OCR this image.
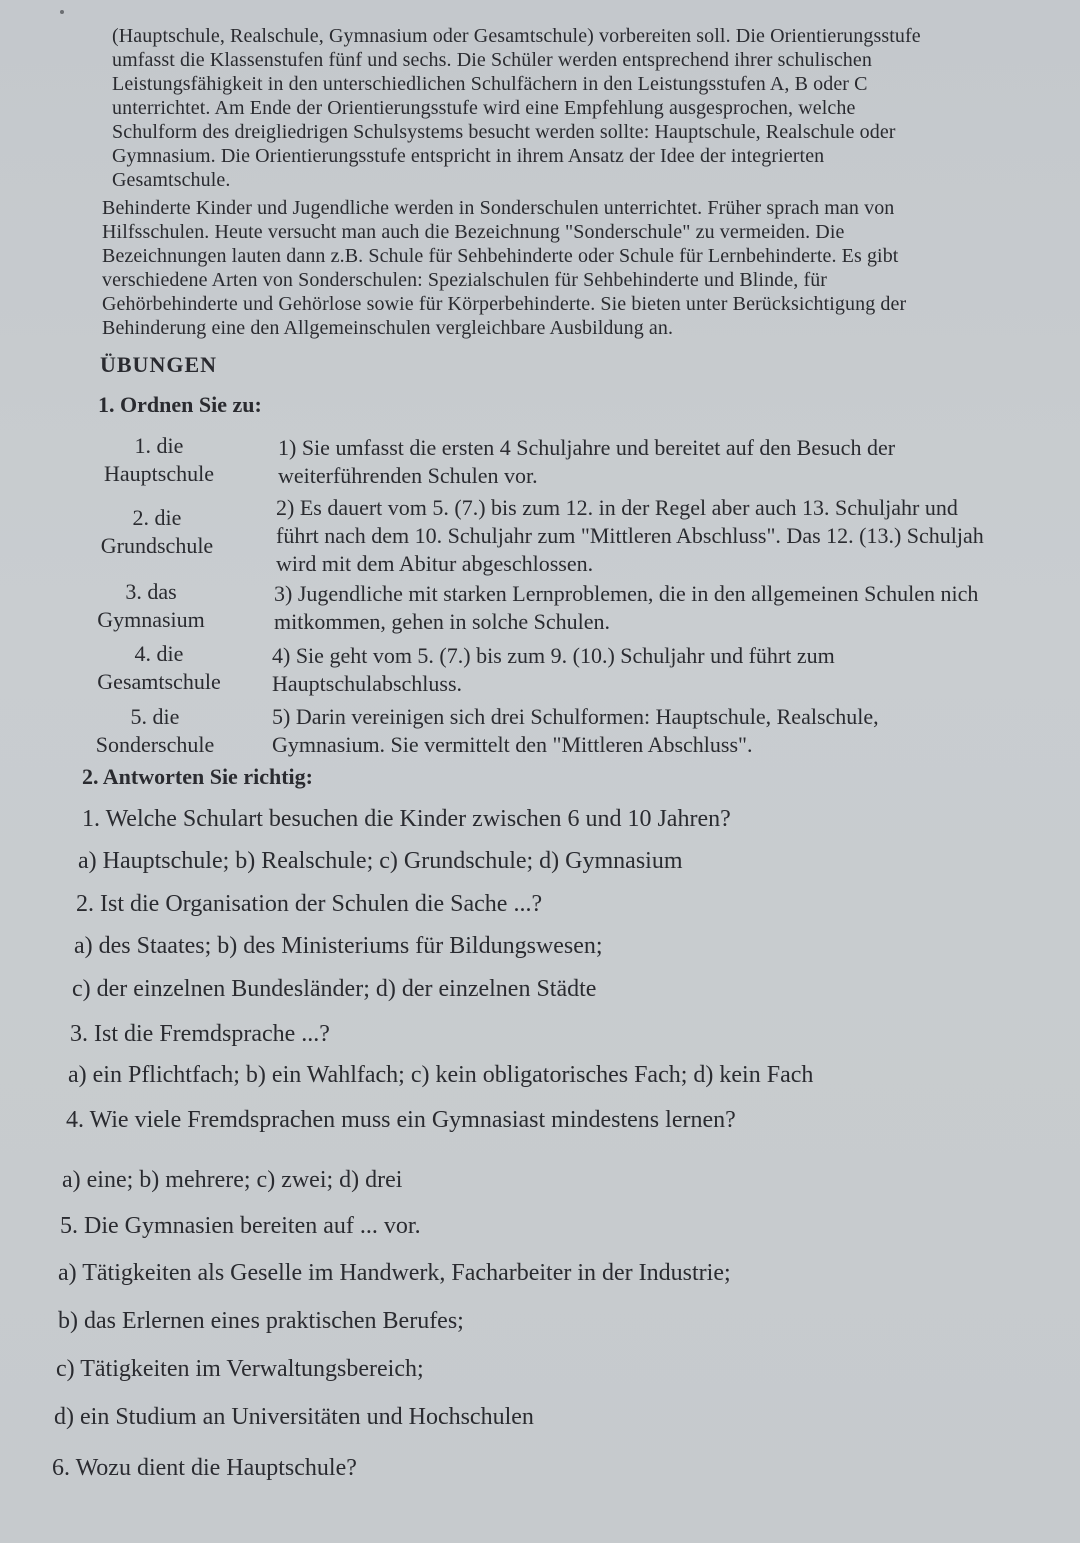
(Hauptschule, Realschule, Gymnasium oder Gesamtschule) vorbereiten soll. Die Orientierungsstufe
umfasst die Klassenstufen fünf und sechs. Die Schüler werden entsprechend ihrer schulischen
Leistungsfähigkeit in den unterschiedlichen Schulfächern in den Leistungsstufen A, B oder C
unterrichtet. Am Ende der Orientierungsstufe wird eine Empfehlung ausgesprochen, welche
Schulform des dreigliedrigen Schulsystems besucht werden sollte: Hauptschule, Realschule oder
Gymnasium. Die Orientierungsstufe entspricht in ihrem Ansatz der Idee der integrierten
Gesamtschule.
Behinderte Kinder und Jugendliche werden in Sonderschulen unterrichtet. Früher sprach man von
Hilfsschulen. Heute versucht man auch die Bezeichnung "Sonderschule" zu vermeiden. Die
Bezeichnungen lauten dann z.B. Schule für Sehbehinderte oder Schule für Lernbehinderte. Es gibt
verschiedene Arten von Sonderschulen: Spezialschulen für Sehbehinderte und Blinde, für
Gehörbehinderte und Gehörlose sowie für Körperbehinderte. Sie bieten unter Berücksichtigung der
Behinderung eine den Allgemeinschulen vergleichbare Ausbildung an.
ÜBUNGEN
1. Ordnen Sie zu:
1. die
Hauptschule
1) Sie umfasst die ersten 4 Schuljahre und bereitet auf den Besuch der
weiterführenden Schulen vor.
2. die
Grundschule
2) Es dauert vom 5. (7.) bis zum 12. in der Regel aber auch 13. Schuljahr und
führt nach dem 10. Schuljahr zum "Mittleren Abschluss". Das 12. (13.) Schuljah
wird mit dem Abitur abgeschlossen.
3. das
Gymnasium
3) Jugendliche mit starken Lernproblemen, die in den allgemeinen Schulen nich
mitkommen, gehen in solche Schulen.
4. die
Gesamtschule
4) Sie geht vom 5. (7.) bis zum 9. (10.) Schuljahr und führt zum
Hauptschulabschluss.
5. die
Sonderschule
5) Darin vereinigen sich drei Schulformen: Hauptschule, Realschule,
Gymnasium. Sie vermittelt den "Mittleren Abschluss".
2. Antworten Sie richtig:
1. Welche Schulart besuchen die Kinder zwischen 6 und 10 Jahren?
a) Hauptschule; b) Realschule; c) Grundschule; d) Gymnasium
2. Ist die Organisation der Schulen die Sache ...?
a) des Staates; b) des Ministeriums für Bildungswesen;
c) der einzelnen Bundesländer; d) der einzelnen Städte
3. Ist die Fremdsprache ...?
a) ein Pflichtfach; b) ein Wahlfach; c) kein obligatorisches Fach; d) kein Fach
4. Wie viele Fremdsprachen muss ein Gymnasiast mindestens lernen?
a) eine; b) mehrere; c) zwei; d) drei
5. Die Gymnasien bereiten auf ... vor.
a) Tätigkeiten als Geselle im Handwerk, Facharbeiter in der Industrie;
b) das Erlernen eines praktischen Berufes;
c) Tätigkeiten im Verwaltungsbereich;
d) ein Studium an Universitäten und Hochschulen
6. Wozu dient die Hauptschule?
